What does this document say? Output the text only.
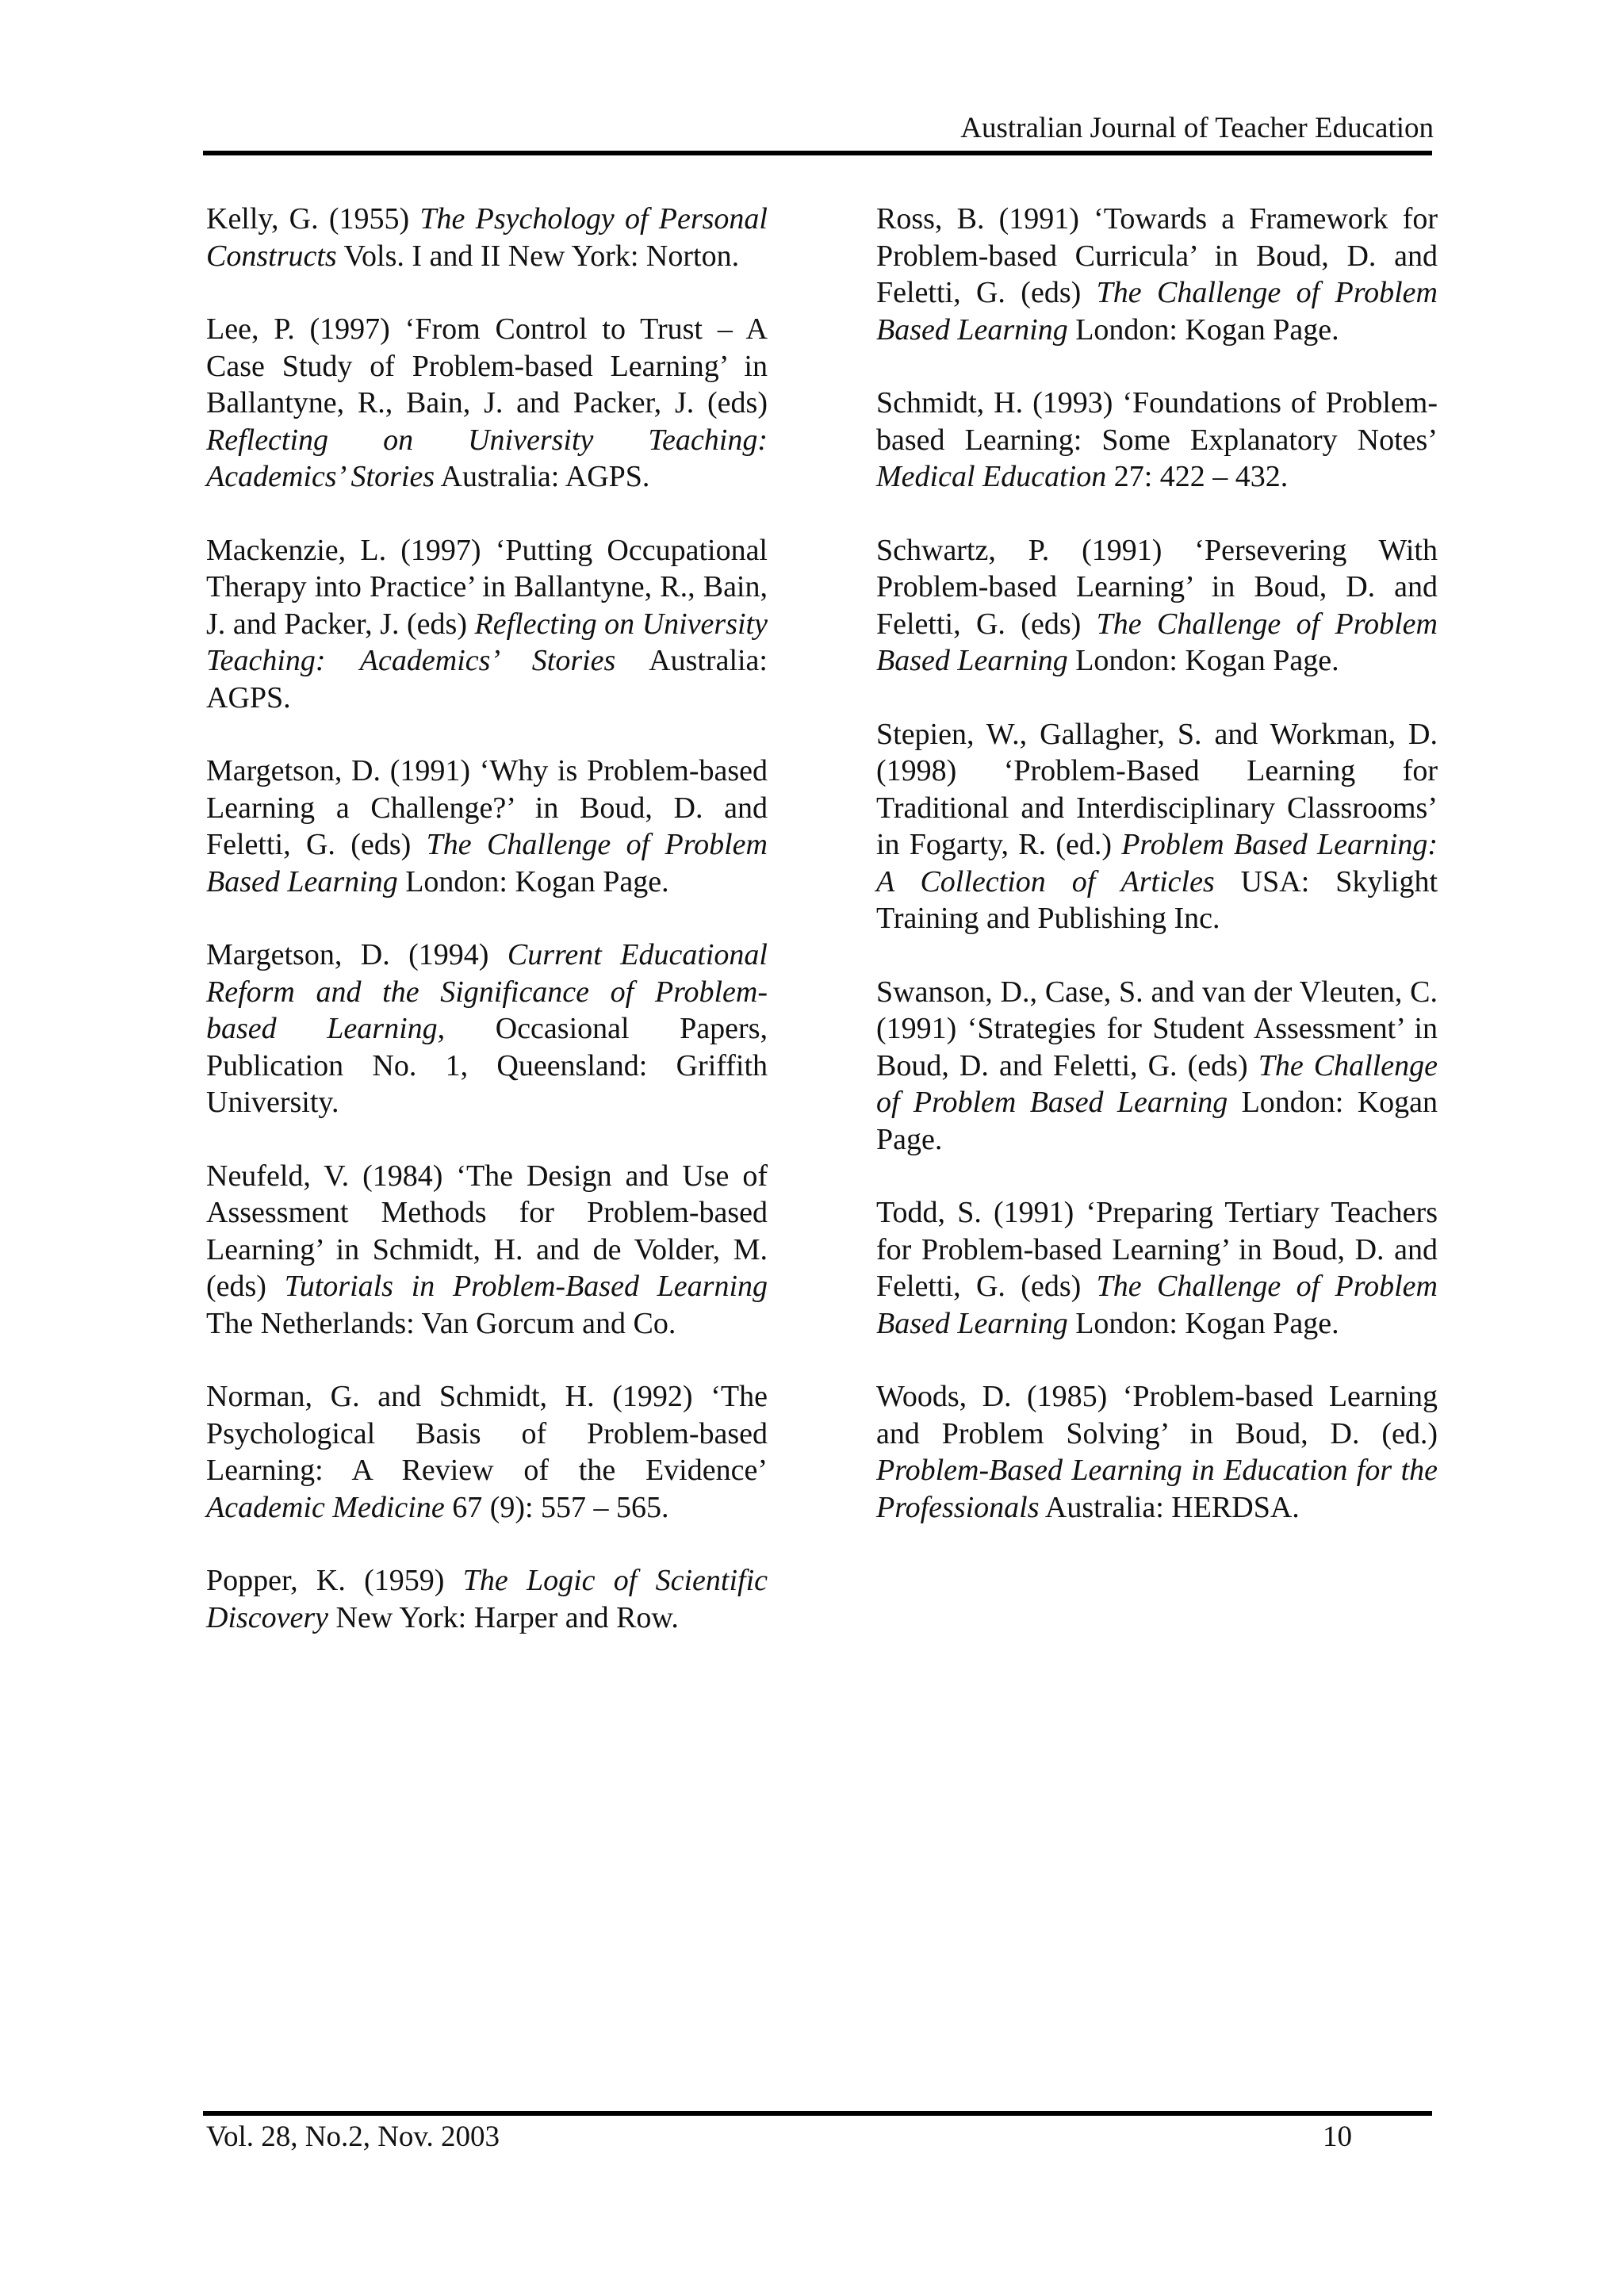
Australian Journal of Teacher Education

Kelly, G. (1955) The Psychology of Personal Constructs Vols. I and II New York: Norton.

Lee, P. (1997) ‘From Control to Trust – A Case Study of Problem-based Learning’ in Ballantyne, R., Bain, J. and Packer, J. (eds) Reflecting on University Teaching: Academics’ Stories Australia: AGPS.

Mackenzie, L. (1997) ‘Putting Occupational Therapy into Practice’ in Ballantyne, R., Bain, J. and Packer, J. (eds) Reflecting on University Teaching: Academics’ Stories Australia: AGPS.

Margetson, D. (1991) ‘Why is Problem-based Learning a Challenge?’ in Boud, D. and Feletti, G. (eds) The Challenge of Problem Based Learning London: Kogan Page.

Margetson, D. (1994) Current Educational Reform and the Significance of Problem-based Learning, Occasional Papers, Publication No. 1, Queensland: Griffith University.

Neufeld, V. (1984) ‘The Design and Use of Assessment Methods for Problem-based Learning’ in Schmidt, H. and de Volder, M. (eds) Tutorials in Problem-Based Learning The Netherlands: Van Gorcum and Co.

Norman, G. and Schmidt, H. (1992) ‘The Psychological Basis of Problem-based Learning: A Review of the Evidence’ Academic Medicine 67 (9): 557 – 565.

Popper, K. (1959) The Logic of Scientific Discovery New York: Harper and Row.

Ross, B. (1991) ‘Towards a Framework for Problem-based Curricula’ in Boud, D. and Feletti, G. (eds) The Challenge of Problem Based Learning London: Kogan Page.

Schmidt, H. (1993) ‘Foundations of Problem-based Learning: Some Explanatory Notes’ Medical Education 27: 422 – 432.

Schwartz, P. (1991) ‘Persevering With Problem-based Learning’ in Boud, D. and Feletti, G. (eds) The Challenge of Problem Based Learning London: Kogan Page.

Stepien, W., Gallagher, S. and Workman, D. (1998) ‘Problem-Based Learning for Traditional and Interdisciplinary Classrooms’ in Fogarty, R. (ed.) Problem Based Learning: A Collection of Articles USA: Skylight Training and Publishing Inc.

Swanson, D., Case, S. and van der Vleuten, C. (1991) ‘Strategies for Student Assessment’ in Boud, D. and Feletti, G. (eds) The Challenge of Problem Based Learning London: Kogan Page.

Todd, S. (1991) ‘Preparing Tertiary Teachers for Problem-based Learning’ in Boud, D. and Feletti, G. (eds) The Challenge of Problem Based Learning London: Kogan Page.

Woods, D. (1985) ‘Problem-based Learning and Problem Solving’ in Boud, D. (ed.) Problem-Based Learning in Education for the Professionals Australia: HERDSA.

Vol. 28, No.2, Nov. 2003	10
